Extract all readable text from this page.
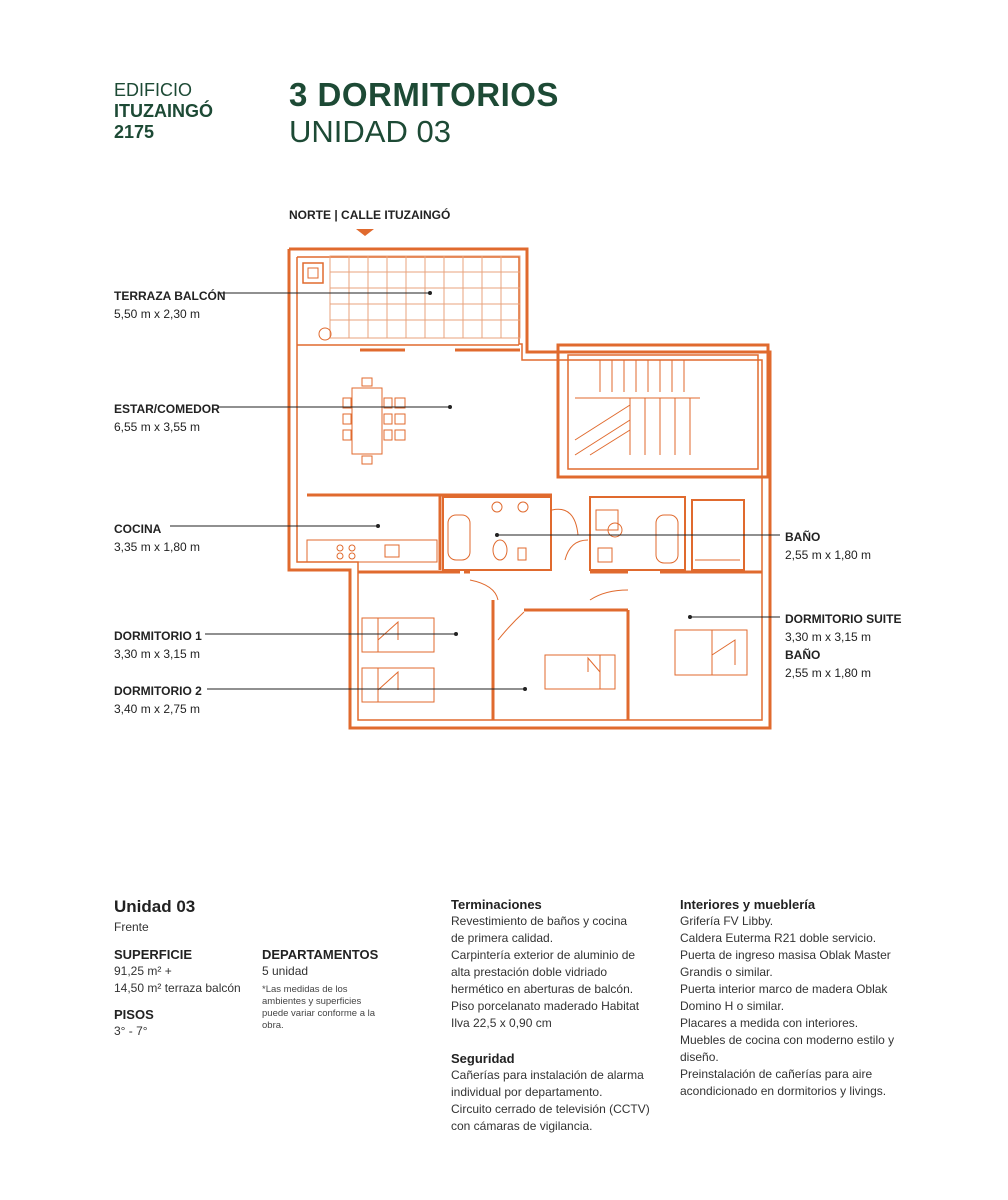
EDIFICIO
ITUZAINGÓ
2175
3 DORMITORIOS
UNIDAD 03
NORTE | CALLE ITUZAINGÓ
TERRAZA BALCÓN
5,50 m x 2,30 m
ESTAR/COMEDOR
6,55 m x 3,55 m
COCINA
3,35 m x 1,80 m
DORMITORIO 1
3,30 m x 3,15 m
DORMITORIO 2
3,40 m x 2,75 m
BAÑO
2,55 m x 1,80 m
DORMITORIO SUITE
3,30 m x 3,15 m
BAÑO
2,55 m x 1,80 m
Unidad 03
Frente
SUPERFICIE
91,25 m² +
14,50 m² terraza balcón
PISOS
3° - 7°
DEPARTAMENTOS
5 unidad
*Las medidas de los ambientes y superficies puede variar conforme a la obra.
Terminaciones
Revestimiento de baños y cocina
de primera calidad.
Carpintería exterior de aluminio de
alta prestación doble vidriado
hermético en aberturas de balcón.
Piso porcelanato maderado Habitat
Ilva 22,5 x 0,90 cm
Seguridad
Cañerías para instalación de alarma
individual por departamento.
Circuito cerrado de televisión (CCTV)
con cámaras de vigilancia.
Interiores y mueblería
Grifería FV Libby.
Caldera Euterma R21 doble servicio.
Puerta de ingreso masisa Oblak Master
Grandis o similar.
Puerta interior marco de madera Oblak
Domino H o similar.
Placares a medida con interiores.
Muebles de cocina con moderno estilo y
diseño.
Preinstalación de cañerías para aire
acondicionado en dormitorios y livings.
